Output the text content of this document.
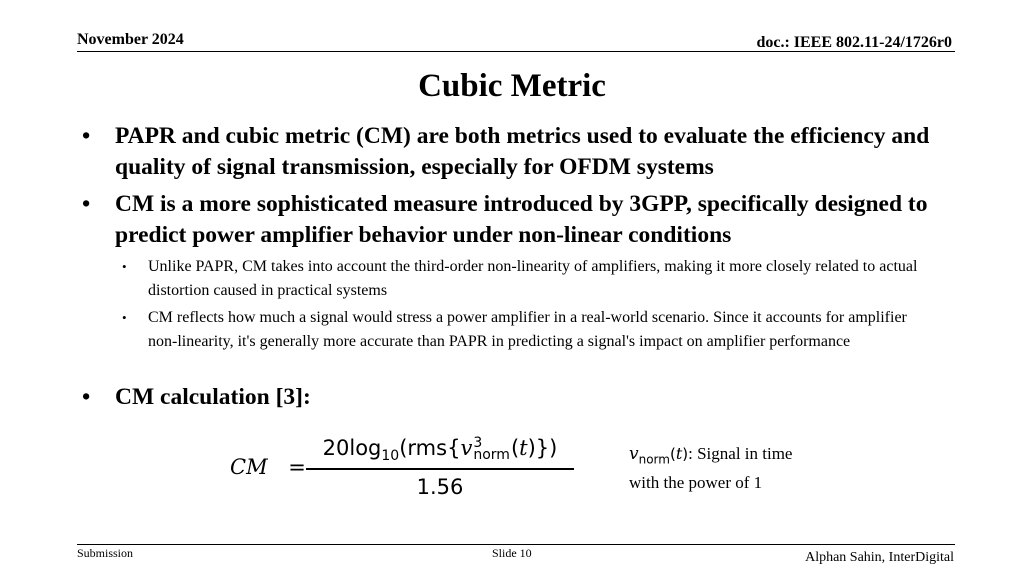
November 2024	doc.: IEEE 802.11-24/1726r0
Cubic Metric
• PAPR and cubic metric (CM) are both metrics used to evaluate the efficiency and quality of signal transmission, especially for OFDM systems
• CM is a more sophisticated measure introduced by 3GPP, specifically designed to predict power amplifier behavior under non-linear conditions
• Unlike PAPR, CM takes into account the third-order non-linearity of amplifiers, making it more closely related to actual distortion caused in practical systems
• CM reflects how much a signal would stress a power amplifier in a real-world scenario. Since it accounts for amplifier non-linearity, it's generally more accurate than PAPR in predicting a signal's impact on amplifier performance
• CM calculation [3]:
CM =
$20\log_{10}(rms\{v$ 3
norm (t)})
1.56
$v_{norm}(t)$: Signal in time
with the power of 1
Submission	Slide 10	Alphan Sahin, InterDigital
